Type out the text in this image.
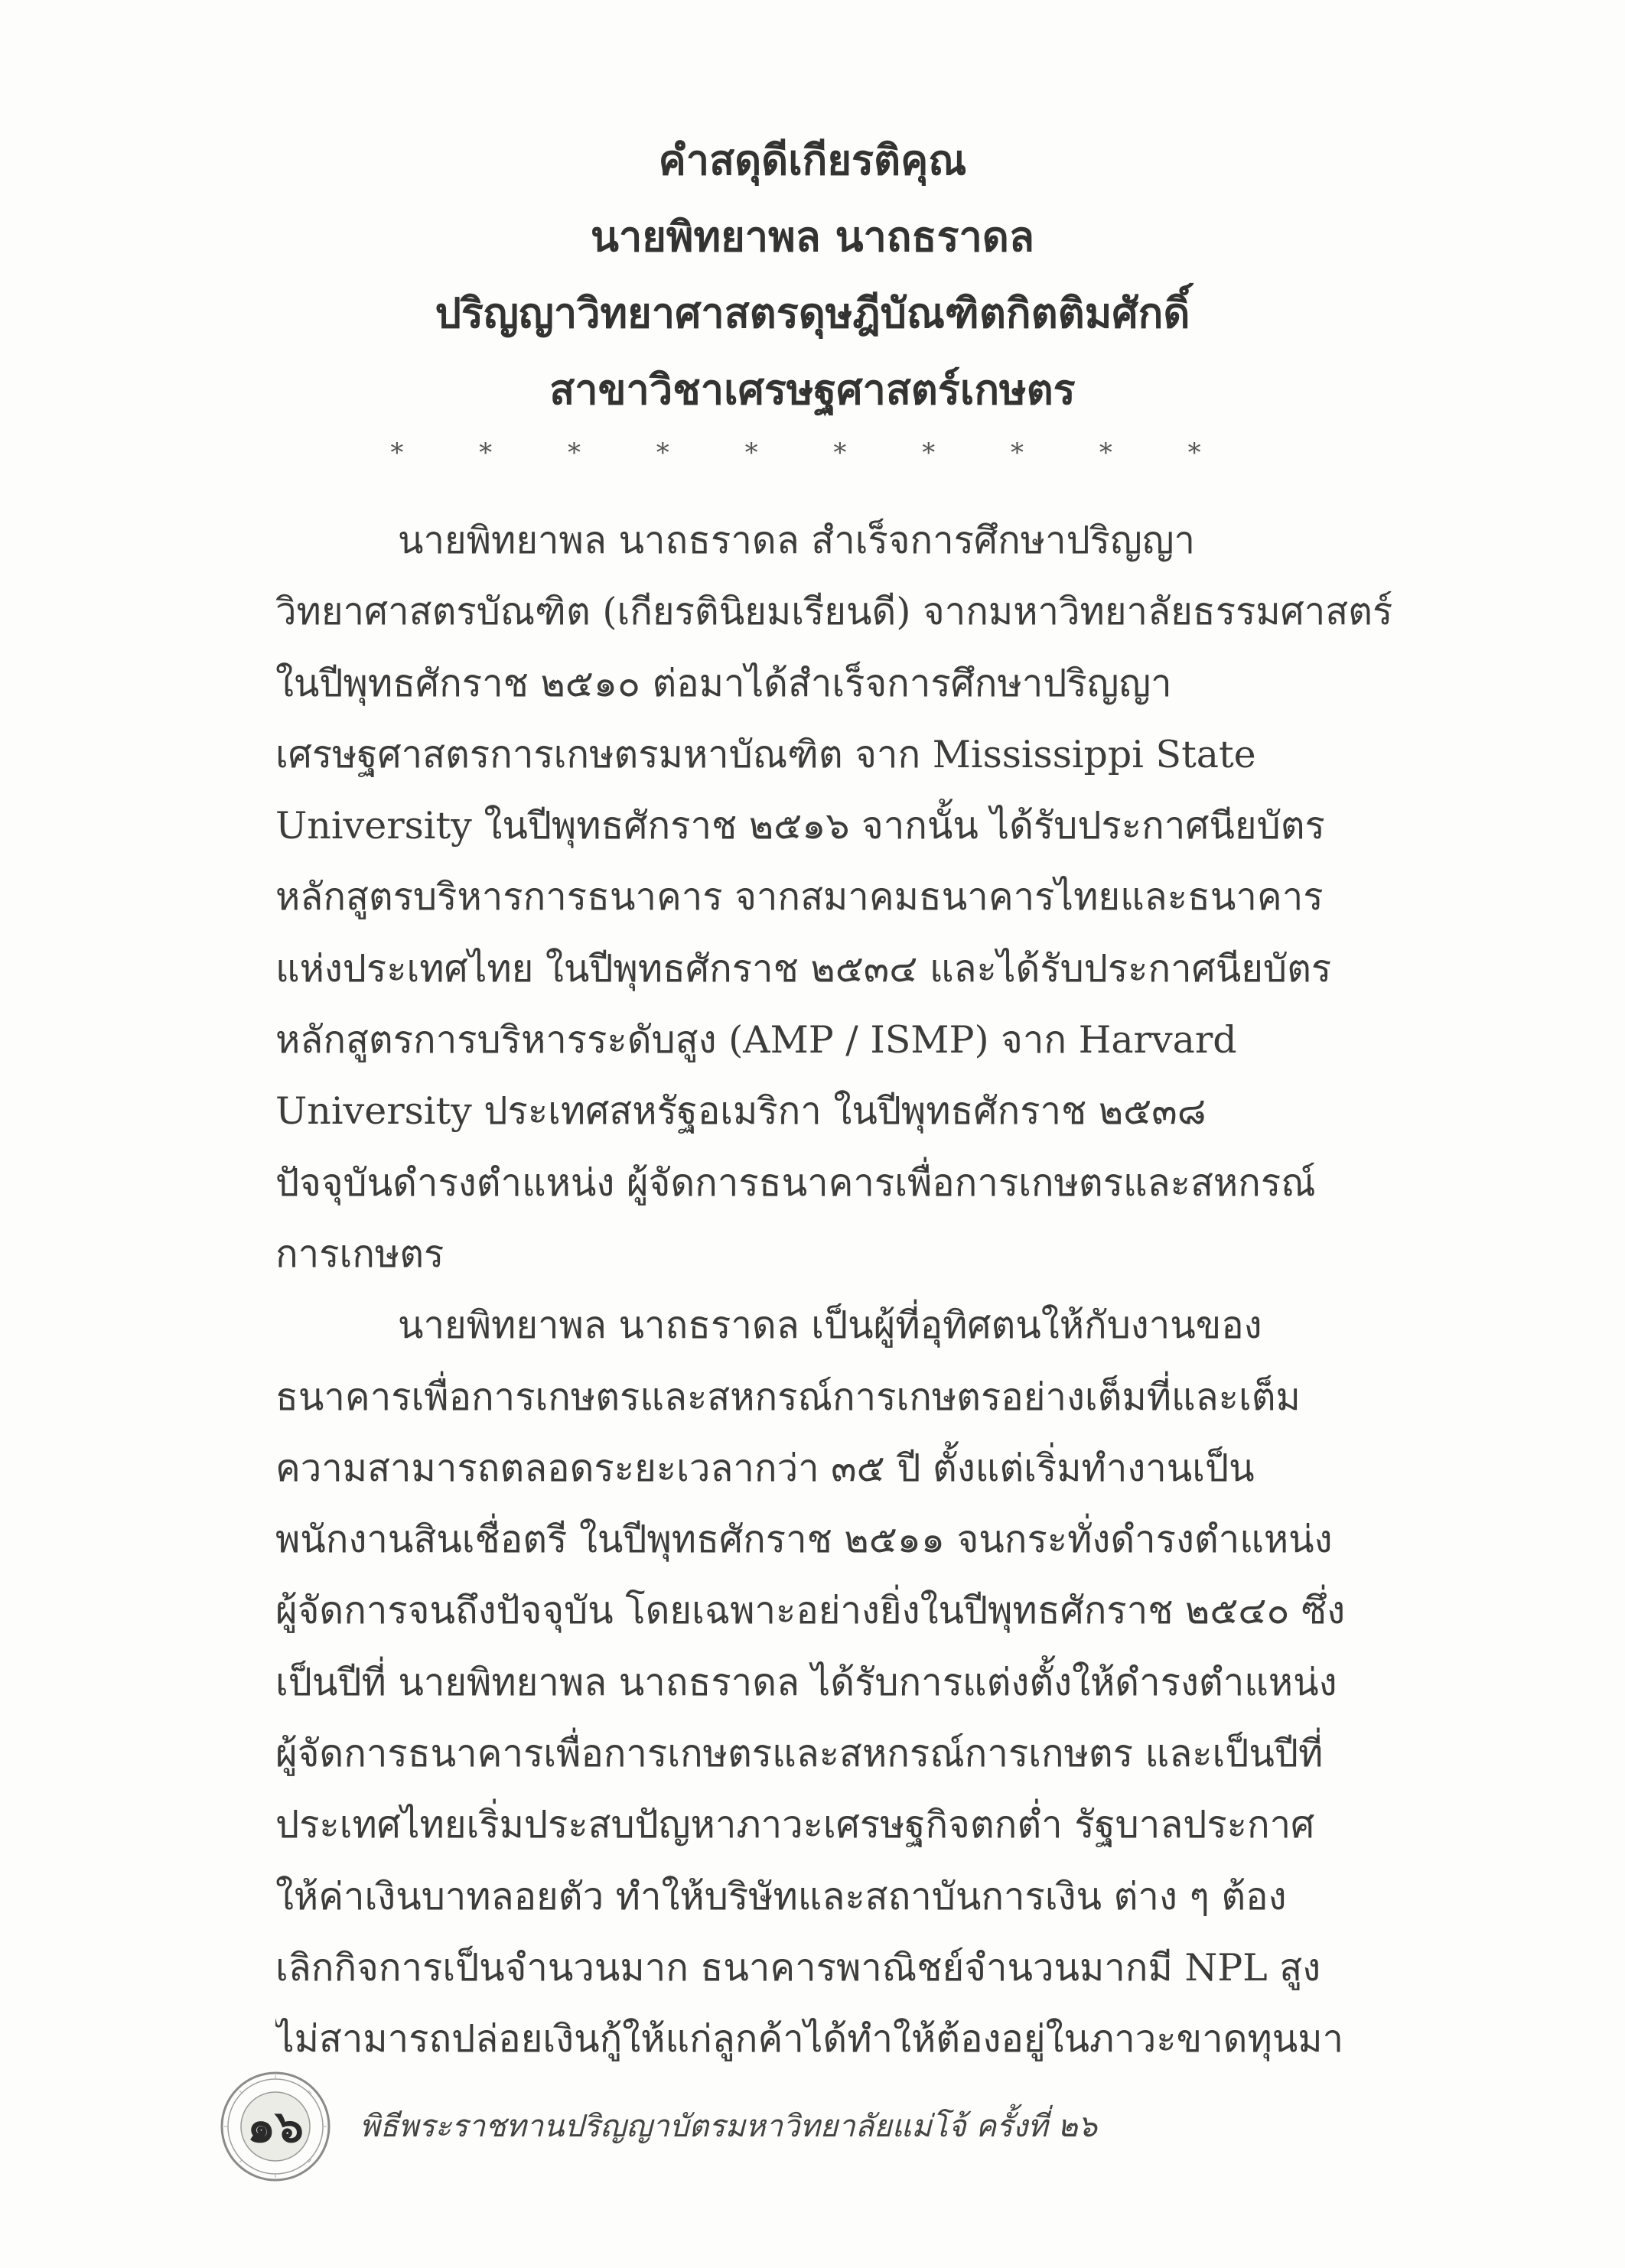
คำสดุดีเกียรติคุณ
นายพิทยาพล นาถธราดล
ปริญญาวิทยาศาสตรดุษฎีบัณฑิตกิตติมศักดิ์
สาขาวิชาเศรษฐศาสตร์เกษตร
* * * * * * * * * *
นายพิทยาพล นาถธราดล สำเร็จการศึกษาปริญญา
วิทยาศาสตรบัณฑิต (เกียรตินิยมเรียนดี) จากมหาวิทยาลัยธรรมศาสตร์
ในปีพุทธศักราช ๒๕๑๐ ต่อมาได้สำเร็จการศึกษาปริญญา
เศรษฐศาสตรการเกษตรมหาบัณฑิต จาก Mississippi State
University ในปีพุทธศักราช ๒๕๑๖ จากนั้น ได้รับประกาศนียบัตร
หลักสูตรบริหารการธนาคาร จากสมาคมธนาคารไทยและธนาคาร
แห่งประเทศไทย ในปีพุทธศักราช ๒๕๓๔ และได้รับประกาศนียบัตร
หลักสูตรการบริหารระดับสูง (AMP / ISMP) จาก Harvard
University ประเทศสหรัฐอเมริกา ในปีพุทธศักราช ๒๕๓๘
ปัจจุบันดำรงตำแหน่ง ผู้จัดการธนาคารเพื่อการเกษตรและสหกรณ์
การเกษตร
นายพิทยาพล นาถธราดล เป็นผู้ที่อุทิศตนให้กับงานของ
ธนาคารเพื่อการเกษตรและสหกรณ์การเกษตรอย่างเต็มที่และเต็ม
ความสามารถตลอดระยะเวลากว่า ๓๕ ปี ตั้งแต่เริ่มทำงานเป็น
พนักงานสินเชื่อตรี ในปีพุทธศักราช ๒๕๑๑ จนกระทั่งดำรงตำแหน่ง
ผู้จัดการจนถึงปัจจุบัน โดยเฉพาะอย่างยิ่งในปีพุทธศักราช ๒๕๔๐ ซึ่ง
เป็นปีที่ นายพิทยาพล นาถธราดล ได้รับการแต่งตั้งให้ดำรงตำแหน่ง
ผู้จัดการธนาคารเพื่อการเกษตรและสหกรณ์การเกษตร และเป็นปีที่
ประเทศไทยเริ่มประสบปัญหาภาวะเศรษฐกิจตกต่ำ รัฐบาลประกาศ
ให้ค่าเงินบาทลอยตัว ทำให้บริษัทและสถาบันการเงิน ต่าง ๆ ต้อง
เลิกกิจการเป็นจำนวนมาก ธนาคารพาณิชย์จำนวนมากมี NPL สูง
ไม่สามารถปล่อยเงินกู้ให้แก่ลูกค้าได้ทำให้ต้องอยู่ในภาวะขาดทุนมา
๑๖	พิธีพระราชทานปริญญาบัตรมหาวิทยาลัยแม่โจ้ ครั้งที่ ๒๖
